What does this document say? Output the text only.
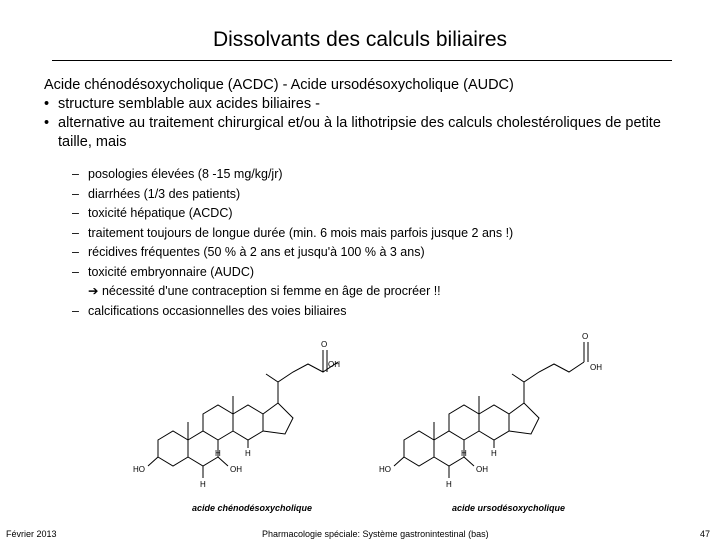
Dissolvants des calculs biliaires

Acide chénodésoxycholique (ACDC) - Acide ursodésoxycholique (AUDC)

• structure semblable aux acides biliaires -

• alternative au traitement chirurgical et/ou à la lithotripsie des calculs cholestéroliques de petite taille, mais

– posologies élevées (8 -15 mg/kg/jr)
– diarrhées (1/3 des patients)
– toxicité hépatique (ACDC)
– traitement toujours de longue durée (min. 6 mois mais parfois jusque 2 ans !)
– récidives fréquentes (50 % à 2 ans et jusqu'à 100 % à 3 ans)
– toxicité embryonnaire (AUDC)
➔ nécessité d'une contraception si femme en âge de procréer !!
– calcifications occasionnelles des voies biliaires
O
OH
HO	OH
H
H	H
acide chénodésoxycholique
O
OH
HO	OH
H
H	H
acide ursodésoxycholique
Février 2013	Pharmacologie spéciale: Système gastronintestinal (bas)	47
